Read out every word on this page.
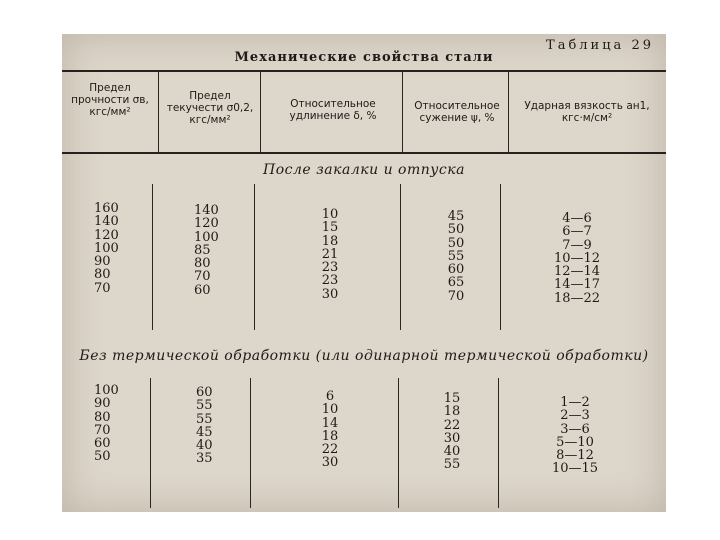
Таблица 29
Механические свойства стали
Предел прочности σв, кгс/мм²
Предел текучести σ0,2, кгс/мм²
Относительное удлинение δ, %
Относительное сужение ψ, %
Ударная вязкость aн1, кгс·м/см²
После закалки и отпуска
160
140
120
100
90
80
70
140
120
100
85
80
70
60
10
15
18
21
23
23
30
45
50
50
55
60
65
70
4—6
6—7
7—9
10—12
12—14
14—17
18—22
Без термической обработки (или одинарной термической обработки)
100
90
80
70
60
50
60
55
55
45
40
35
6
10
14
18
22
30
15
18
22
30
40
55
1—2
2—3
3—6
5—10
8—12
10—15
